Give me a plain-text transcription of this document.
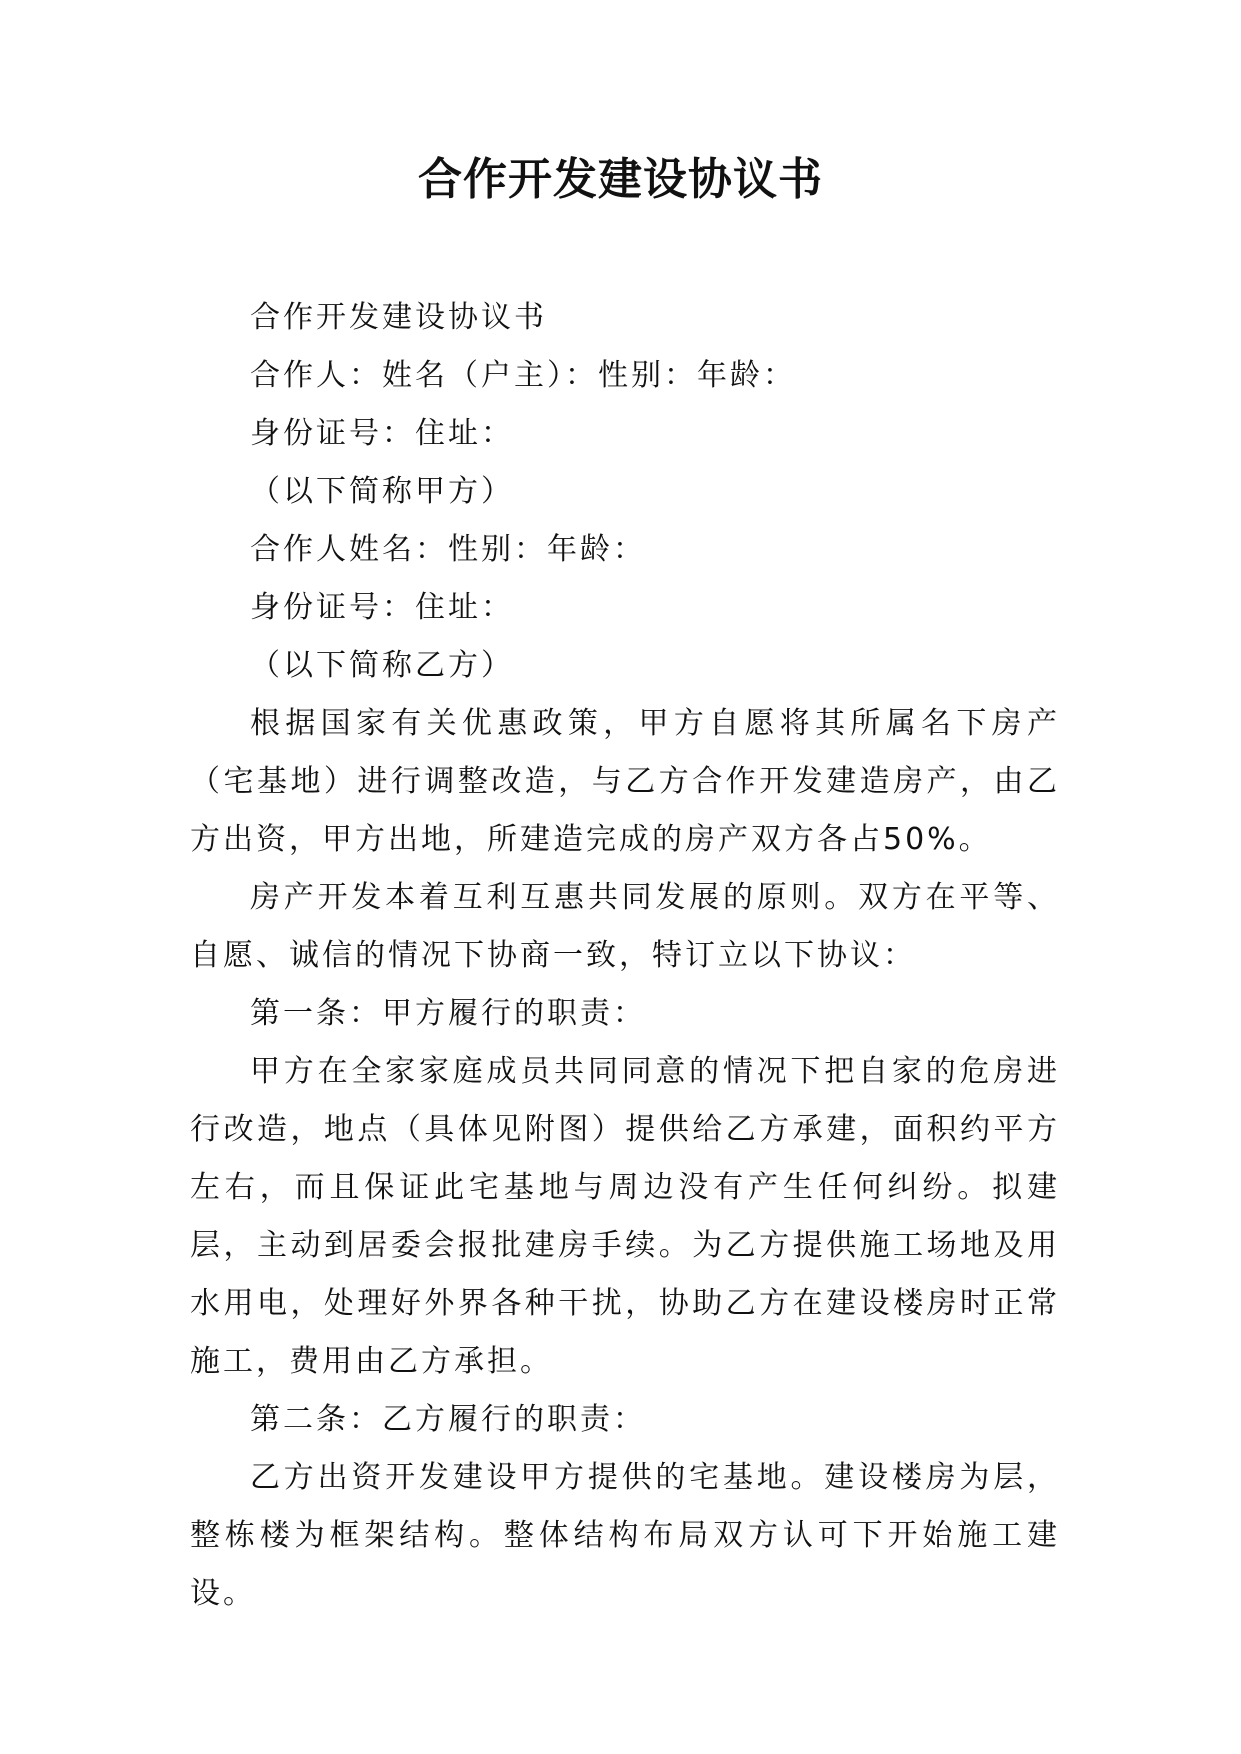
合作开发建设协议书

合作开发建设协议书

合作人：姓名（户主）：性别：年龄：

身份证号：住址：

（以下简称甲方）

合作人姓名：性别：年龄：

身份证号：住址：

（以下简称乙方）

根据国家有关优惠政策，甲方自愿将其所属名下房产（宅基地）进行调整改造，与乙方合作开发建造房产，由乙方出资，甲方出地，所建造完成的房产双方各占50%。

房产开发本着互利互惠共同发展的原则。双方在平等、自愿、诚信的情况下协商一致，特订立以下协议：

第一条：甲方履行的职责：

甲方在全家家庭成员共同同意的情况下把自家的危房进行改造，地点（具体见附图）提供给乙方承建，面积约平方左右，而且保证此宅基地与周边没有产生任何纠纷。拟建层，主动到居委会报批建房手续。为乙方提供施工场地及用水用电，处理好外界各种干扰，协助乙方在建设楼房时正常施工，费用由乙方承担。

第二条：乙方履行的职责：

乙方出资开发建设甲方提供的宅基地。建设楼房为层，整栋楼为框架结构。整体结构布局双方认可下开始施工建设。
